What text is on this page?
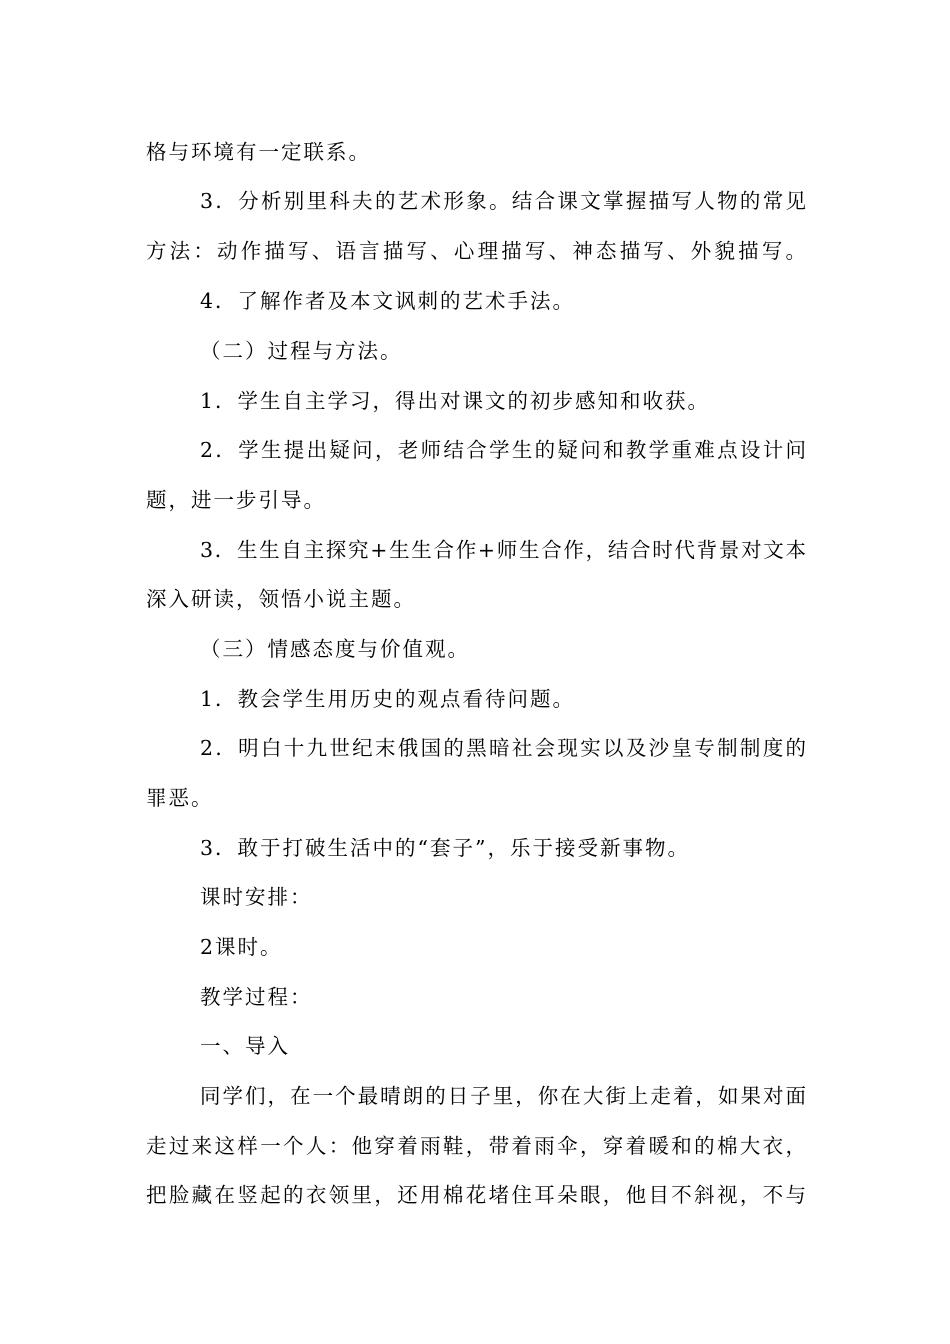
格与环境有一定联系。
3．分析别里科夫的艺术形象。结合课文掌握描写人物的常见
方法：动作描写、语言描写、心理描写、神态描写、外貌描写。
4．了解作者及本文讽刺的艺术手法。
（二）过程与方法。
1．学生自主学习，得出对课文的初步感知和收获。
2．学生提出疑问，老师结合学生的疑问和教学重难点设计问
题，进一步引导。
3．生生自主探究+生生合作+师生合作，结合时代背景对文本
深入研读，领悟小说主题。
（三）情感态度与价值观。
1．教会学生用历史的观点看待问题。
2．明白十九世纪末俄国的黑暗社会现实以及沙皇专制制度的
罪恶。
3．敢于打破生活中的“套子”，乐于接受新事物。
课时安排：
2课时。
教学过程：
一、导入
同学们，在一个最晴朗的日子里，你在大街上走着，如果对面
走过来这样一个人：他穿着雨鞋，带着雨伞，穿着暖和的棉大衣，
把脸藏在竖起的衣领里，还用棉花堵住耳朵眼，他目不斜视，不与
